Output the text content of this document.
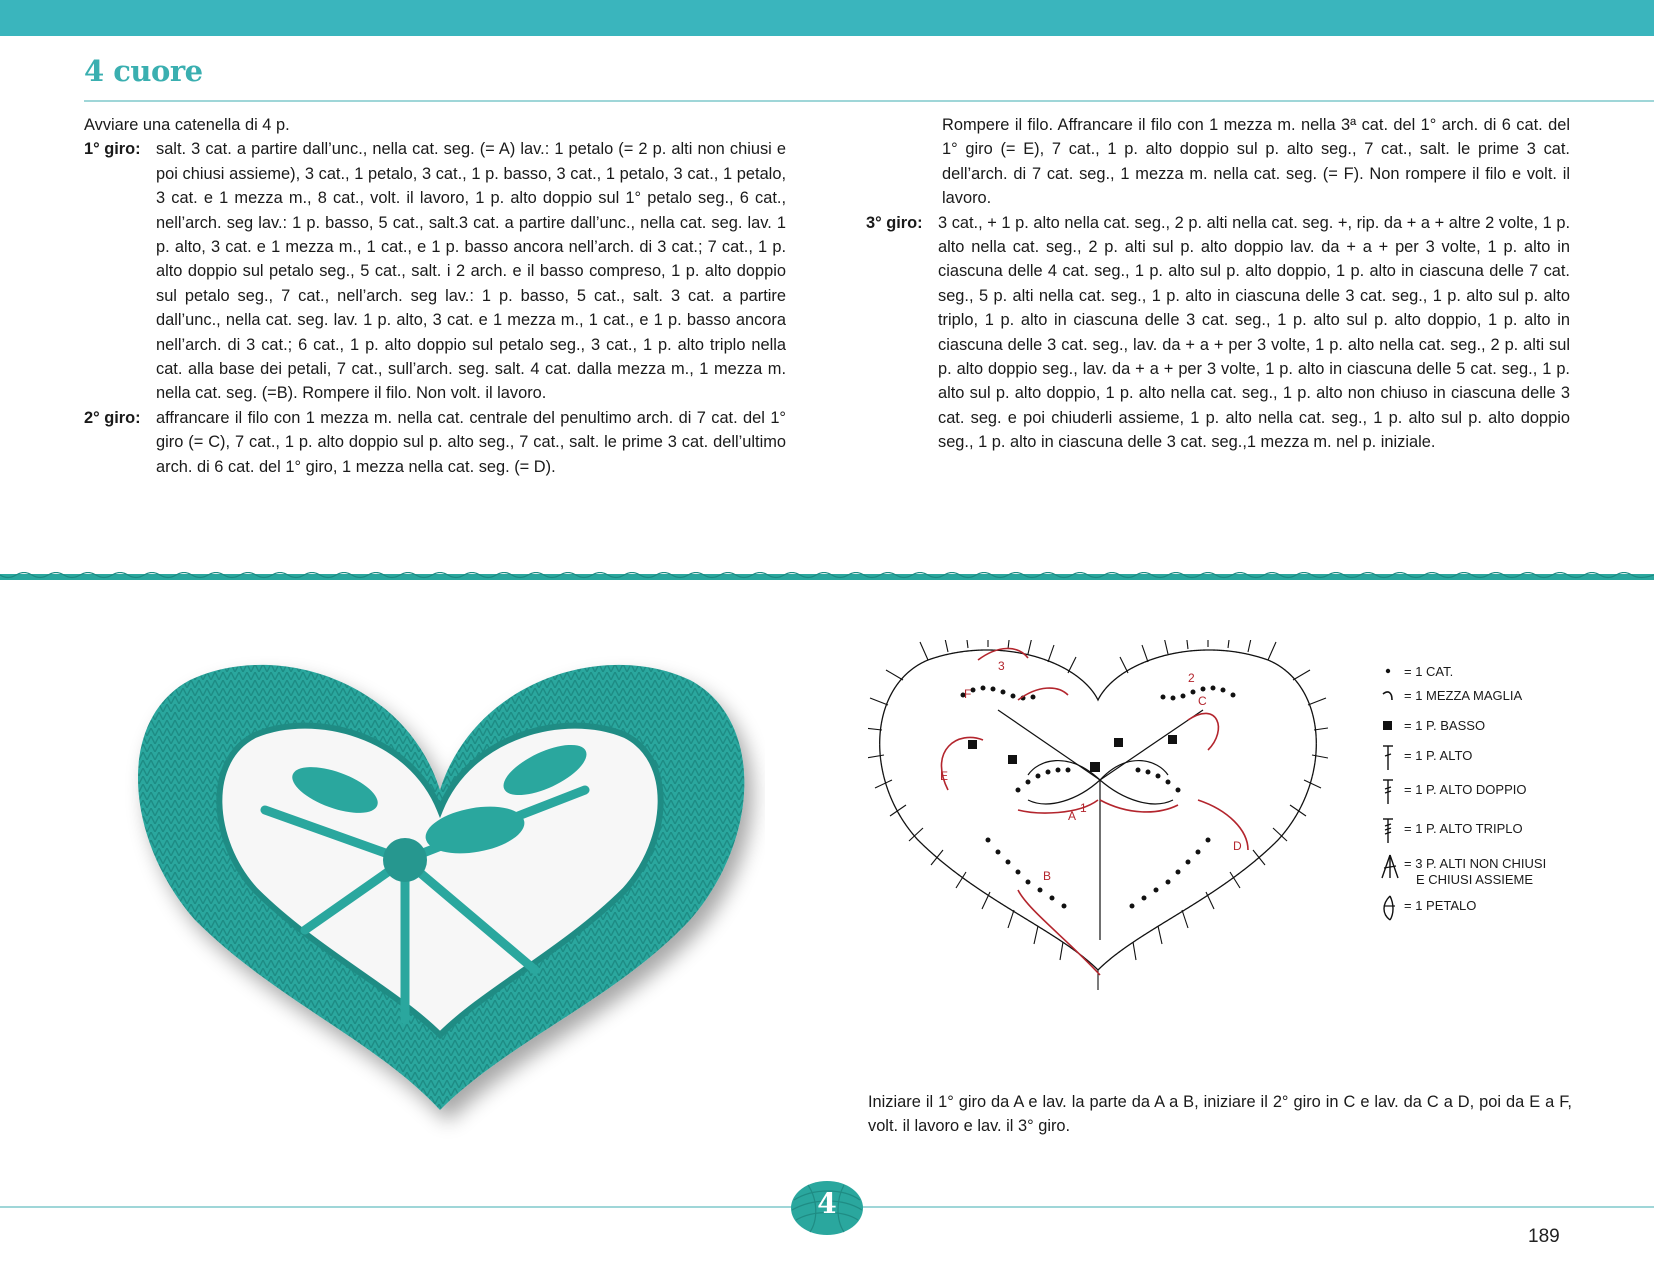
4 cuore

Avviare una catenella di 4 p.

1° giro: salt. 3 cat. a partire dall’unc., nella cat. seg. (= A) lav.: 1 petalo (= 2 p. alti non chiusi e poi chiusi assieme), 3 cat., 1 petalo, 3 cat., 1 p. basso, 3 cat., 1 petalo, 3 cat., 1 petalo, 3 cat. e 1 mezza m., 8 cat., volt. il lavoro, 1 p. alto doppio sul 1° petalo seg., 6 cat., nell’arch. seg lav.: 1 p. basso, 5 cat., salt.3 cat. a partire dall’unc., nella cat. seg. lav. 1 p. alto, 3 cat. e 1 mezza m., 1 cat., e 1 p. basso ancora nell’arch. di 3 cat.; 7 cat., 1 p. alto doppio sul petalo seg., 5 cat., salt. i 2 arch. e il basso compreso, 1 p. alto doppio sul petalo seg., 7 cat., nell’arch. seg lav.: 1 p. basso, 5 cat., salt. 3 cat. a partire dall’unc., nella cat. seg. lav. 1 p. alto, 3 cat. e 1 mezza m., 1 cat., e 1 p. basso ancora nell’arch. di 3 cat.; 6 cat., 1 p. alto doppio sul petalo seg., 3 cat., 1 p. alto triplo nella cat. alla base dei petali, 7 cat., sull’arch. seg. salt. 4 cat. dalla mezza m., 1 mezza m. nella cat. seg. (=B). Rompere il filo. Non volt. il lavoro.
2° giro: affrancare il filo con 1 mezza m. nella cat. centrale del penultimo arch. di 7 cat. del 1° giro (= C), 7 cat., 1 p. alto doppio sul p. alto seg., 7 cat., salt. le prime 3 cat. dell’ultimo arch. di 6 cat. del 1° giro, 1 mezza nella cat. seg. (= D).

Rompere il filo. Affrancare il filo con 1 mezza m. nella 3ª cat. del 1° arch. di 6 cat. del 1° giro (= E), 7 cat., 1 p. alto doppio sul p. alto seg., 7 cat., salt. le prime 3 cat. dell’arch. di 7 cat. seg., 1 mezza m. nella cat. seg. (= F). Non rompere il filo e volt. il lavoro.

3° giro: 3 cat., + 1 p. alto nella cat. seg., 2 p. alti nella cat. seg. +, rip. da + a + altre 2 volte, 1 p. alto nella cat. seg., 2 p. alti sul p. alto doppio lav. da + a + per 3 volte, 1 p. alto in ciascuna delle 4 cat. seg., 1 p. alto sul p. alto doppio, 1 p. alto in ciascuna delle 7 cat. seg., 5 p. alti nella cat. seg., 1 p. alto in ciascuna delle 3 cat. seg., 1 p. alto sul p. alto triplo, 1 p. alto in ciascuna delle 3 cat. seg., 1 p. alto sul p. alto doppio, 1 p. alto in ciascuna delle 3 cat. seg., lav. da + a + per 3 volte, 1 p. alto nella cat. seg., 2 p. alti sul p. alto doppio seg., lav. da + a + per 3 volte, 1 p. alto in ciascuna delle 5 cat. seg., 1 p. alto sul p. alto doppio, 1 p. alto nella cat. seg., 1 p. alto non chiuso in ciascuna delle 3 cat. seg. e poi chiuderli assieme, 1 p. alto nella cat. seg., 1 p. alto sul p. alto doppio seg., 1 p. alto in ciascuna delle 3 cat. seg.,1 mezza m. nel p. iniziale.
E
D
C
F
A
B
1
2
3	= 1 CAT.
= 1 MEZZA MAGLIA
= 1 P. BASSO
= 1 P. ALTO
= 1 P. ALTO DOPPIO
= 1 P. ALTO TRIPLO
= 3 P. ALTI NON CHIUSI
E CHIUSI ASSIEME
= 1 PETALO

Iniziare il 1° giro da A e lav. la parte da A a B, iniziare il 2° giro in C e lav. da C a D, poi da E a F, volt. il lavoro e lav. il 3° giro.

4
189
